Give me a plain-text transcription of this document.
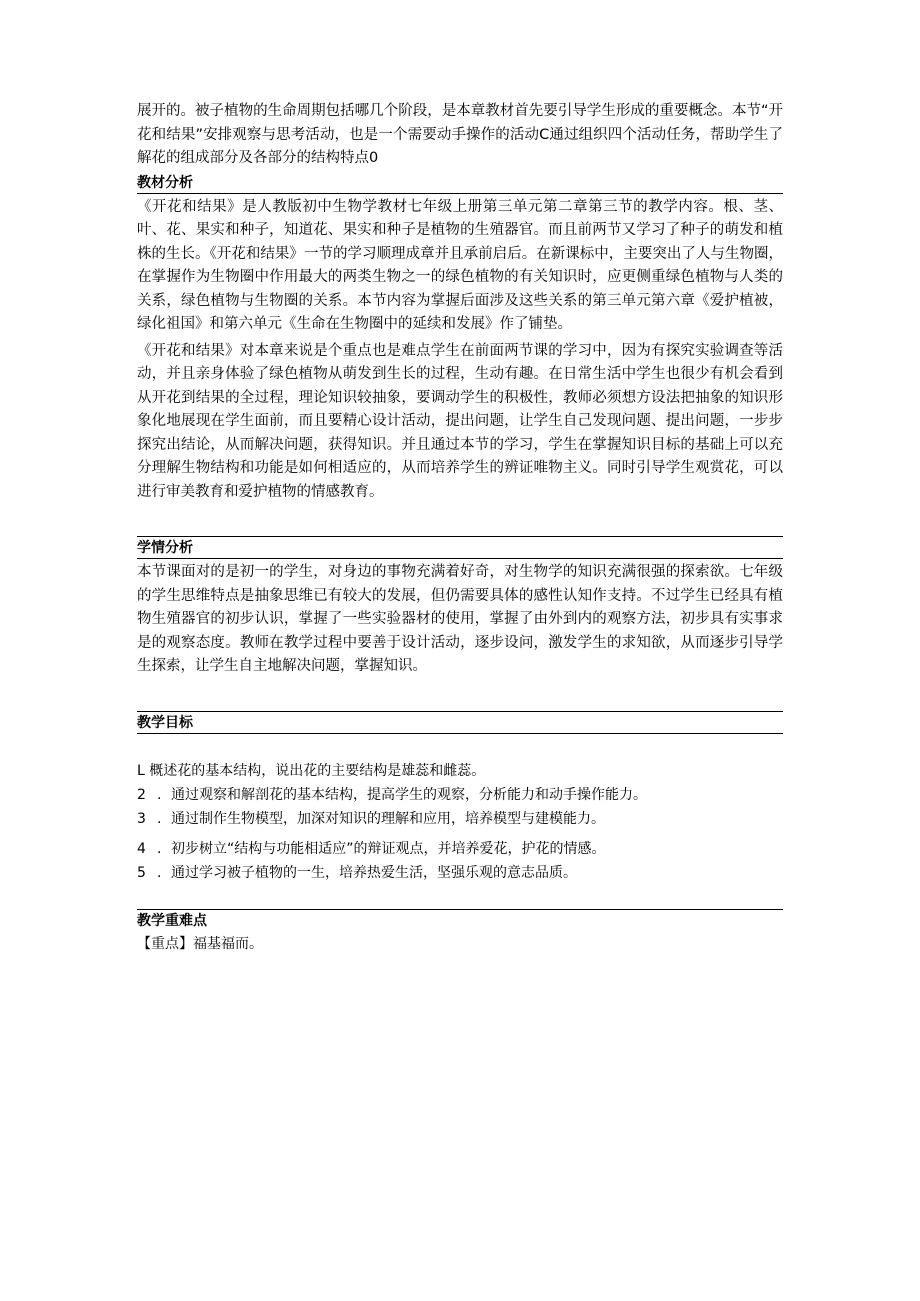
展开的。被子植物的生命周期包括哪几个阶段，是本章教材首先要引导学生形成的重要概念。本节“开花和结果”安排观察与思考活动，也是一个需要动手操作的活动C通过组织四个活动任务，帮助学生了解花的组成部分及各部分的结构特点0

教材分析

《开花和结果》是人教版初中生物学教材七年级上册第三单元第二章第三节的教学内容。根、茎、叶、花、果实和种子，知道花、果实和种子是植物的生殖器官。而且前两节又学习了种子的萌发和植株的生长。《开花和结果》一节的学习顺理成章并且承前启后。在新课标中，主要突出了人与生物圈，在掌握作为生物圈中作用最大的两类生物之一的绿色植物的有关知识时，应更侧重绿色植物与人类的关系，绿色植物与生物圈的关系。本节内容为掌握后面涉及这些关系的第三单元第六章《爱护植被，绿化祖国》和第六单元《生命在生物圈中的延续和发展》作了铺垫。

《开花和结果》对本章来说是个重点也是难点学生在前面两节课的学习中，因为有探究实验调查等活动，并且亲身体验了绿色植物从萌发到生长的过程，生动有趣。在日常生活中学生也很少有机会看到从开花到结果的全过程，理论知识较抽象，要调动学生的积极性，教师必须想方设法把抽象的知识形象化地展现在学生面前，而且要精心设计活动，提出问题，让学生自己发现问题、提出问题，一步步探究出结论，从而解决问题，获得知识。并且通过本节的学习，学生在掌握知识目标的基础上可以充分理解生物结构和功能是如何相适应的，从而培养学生的辨证唯物主义。同时引导学生观赏花，可以进行审美教育和爱护植物的情感教育。

学情分析

本节课面对的是初一的学生，对身边的事物充满着好奇，对生物学的知识充满很强的探索欲。七年级的学生思维特点是抽象思维已有较大的发展，但仍需要具体的感性认知作支持。不过学生已经具有植物生殖器官的初步认识，掌握了一些实验器材的使用，掌握了由外到内的观察方法，初步具有实事求是的观察态度。教师在教学过程中要善于设计活动，逐步设问，激发学生的求知欲，从而逐步引导学生探索，让学生自主地解决问题，掌握知识。

教学目标
L 概述花的基本结构，说出花的主要结构是雄蕊和雌蕊。
2 . 通过观察和解剖花的基本结构，提高学生的观察，分析能力和动手操作能力。
3 . 通过制作生物模型，加深对知识的理解和应用，培养模型与建模能力。
4 . 初步树立“结构与功能相适应”的辩证观点，并培养爱花，护花的情感。
5 . 通过学习被子植物的一生，培养热爱生活，坚强乐观的意志品质。
教学重难点
【重点】福基福而。
